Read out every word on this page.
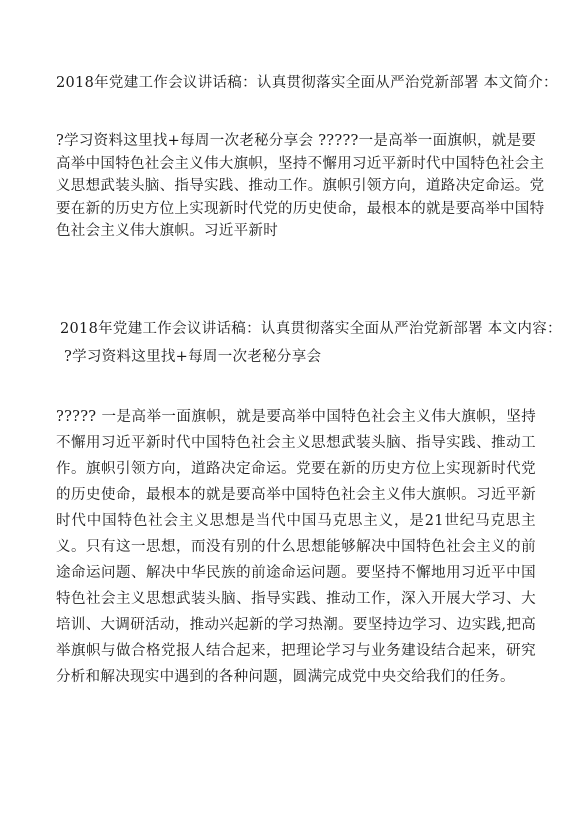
2018年党建工作会议讲话稿：认真贯彻落实全面从严治党新部署 本文简介：
?学习资料这里找+每周一次老秘分享会 ?????一是高举一面旗帜，就是要高举中国特色社会主义伟大旗帜，坚持不懈用习近平新时代中国特色社会主义思想武装头脑、指导实践、推动工作。旗帜引领方向，道路决定命运。党要在新的历史方位上实现新时代党的历史使命，最根本的就是要高举中国特色社会主义伟大旗帜。习近平新时
2018年党建工作会议讲话稿：认真贯彻落实全面从严治党新部署 本文内容：
?学习资料这里找+每周一次老秘分享会
????? 一是高举一面旗帜，就是要高举中国特色社会主义伟大旗帜，坚持不懈用习近平新时代中国特色社会主义思想武装头脑、指导实践、推动工作。旗帜引领方向，道路决定命运。党要在新的历史方位上实现新时代党的历史使命，最根本的就是要高举中国特色社会主义伟大旗帜。习近平新时代中国特色社会主义思想是当代中国马克思主义，是21世纪马克思主义。只有这一思想，而没有别的什么思想能够解决中国特色社会主义的前途命运问题、解决中华民族的前途命运问题。要坚持不懈地用习近平中国特色社会主义思想武装头脑、指导实践、推动工作，深入开展大学习、大培训、大调研活动，推动兴起新的学习热潮。要坚持边学习、边实践,把高举旗帜与做合格党报人结合起来，把理论学习与业务建设结合起来，研究分析和解决现实中遇到的各种问题，圆满完成党中央交给我们的任务。
